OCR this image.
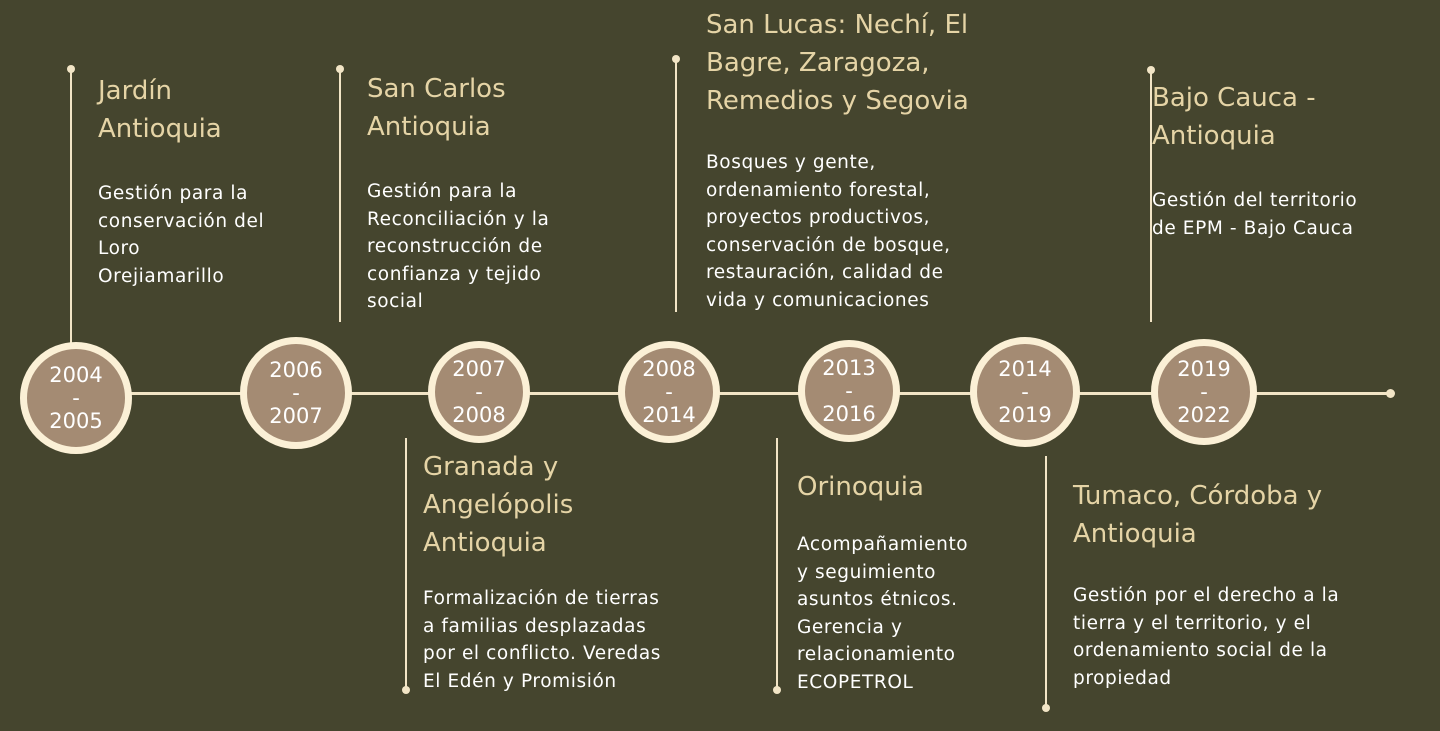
2004
-
2005
2006
-
2007
2007
-
2008
2008
-
2014
2013
-
2016
2014
-
2019
2019
-
2022
Jardín
Antioquia
San Carlos
Antioquia
Granada y
Angelópolis
Antioquia
San Lucas: Nechí, El
Bagre, Zaragoza,
Remedios y Segovia
Orinoquia	Tumaco, Córdoba y
Antioquia
Bajo Cauca -
Antioquia
Gestión para la
conservación del
Loro
Orejiamarillo
Gestión para la
Reconciliación y la
reconstrucción de
confianza y tejido
social
Formalización de tierras
a familias desplazadas
por el conflicto. Veredas
El Edén y Promisión
Bosques y gente,
ordenamiento forestal,
proyectos productivos,
conservación de bosque,
restauración, calidad de
vida y comunicaciones
Acompañamiento
y seguimiento
asuntos étnicos.
Gerencia y
relacionamiento
ECOPETROL
Gestión por el derecho a la
tierra y el territorio, y el
ordenamiento social de la
propiedad
Gestión del territorio
de EPM - Bajo Cauca
